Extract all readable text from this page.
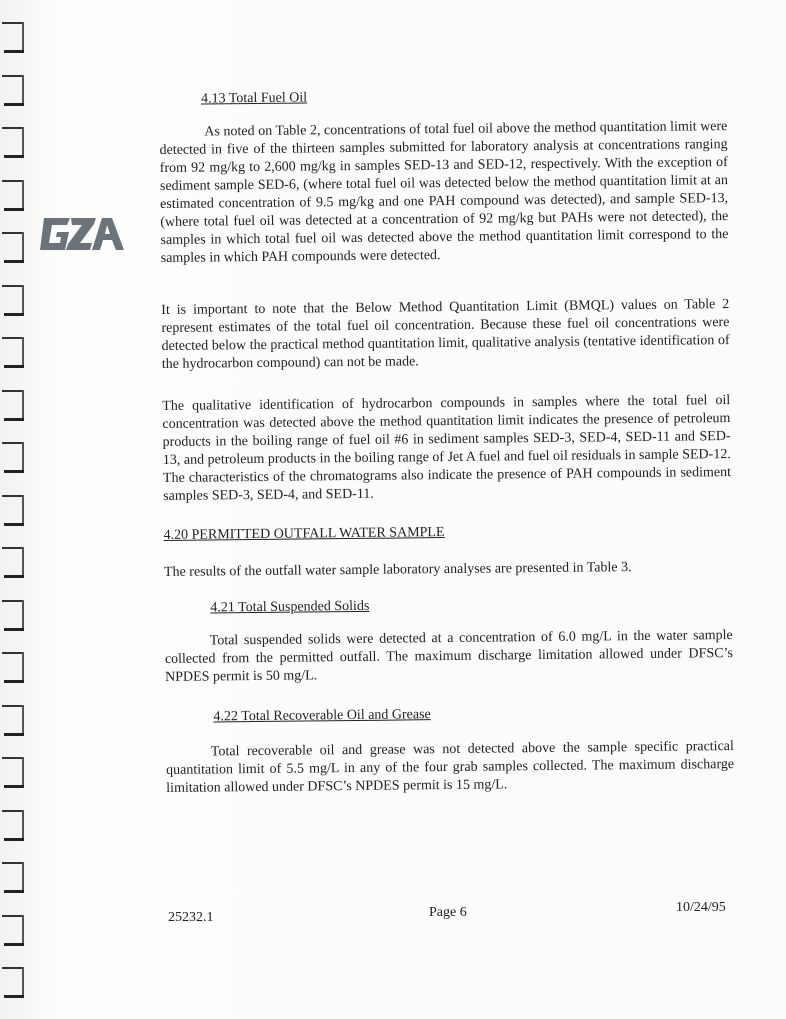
4.13 Total Fuel Oil
As noted on Table 2, concentrations of total fuel oil above the method quantitation limit were detected in five of the thirteen samples submitted for laboratory analysis at concentrations ranging from 92 mg/kg to 2,600 mg/kg in samples SED-13 and SED-12, respectively. With the exception of sediment sample SED-6, (where total fuel oil was detected below the method quantitation limit at an estimated concentration of 9.5 mg/kg and one PAH compound was detected), and sample SED-13, (where total fuel oil was detected at a concentration of 92 mg/kg but PAHs were not detected), the samples in which total fuel oil was detected above the method quantitation limit correspond to the samples in which PAH compounds were detected.
It is important to note that the Below Method Quantitation Limit (BMQL) values on Table 2 represent estimates of the total fuel oil concentration. Because these fuel oil concentrations were detected below the practical method quantitation limit, qualitative analysis (tentative identification of the hydrocarbon compound) can not be made.
The qualitative identification of hydrocarbon compounds in samples where the total fuel oil concentration was detected above the method quantitation limit indicates the presence of petroleum products in the boiling range of fuel oil #6 in sediment samples SED-3, SED-4, SED-11 and SED-13, and petroleum products in the boiling range of Jet A fuel and fuel oil residuals in sample SED-12. The characteristics of the chromatograms also indicate the presence of PAH compounds in sediment samples SED-3, SED-4, and SED-11.
4.20 PERMITTED OUTFALL WATER SAMPLE
The results of the outfall water sample laboratory analyses are presented in Table 3.
4.21 Total Suspended Solids
Total suspended solids were detected at a concentration of 6.0 mg/L in the water sample collected from the permitted outfall. The maximum discharge limitation allowed under DFSC’s NPDES permit is 50 mg/L.
4.22 Total Recoverable Oil and Grease
Total recoverable oil and grease was not detected above the sample specific practical quantitation limit of 5.5 mg/L in any of the four grab samples collected. The maximum discharge limitation allowed under DFSC’s NPDES permit is 15 mg/L.
25232.1	Page 6	10/24/95
